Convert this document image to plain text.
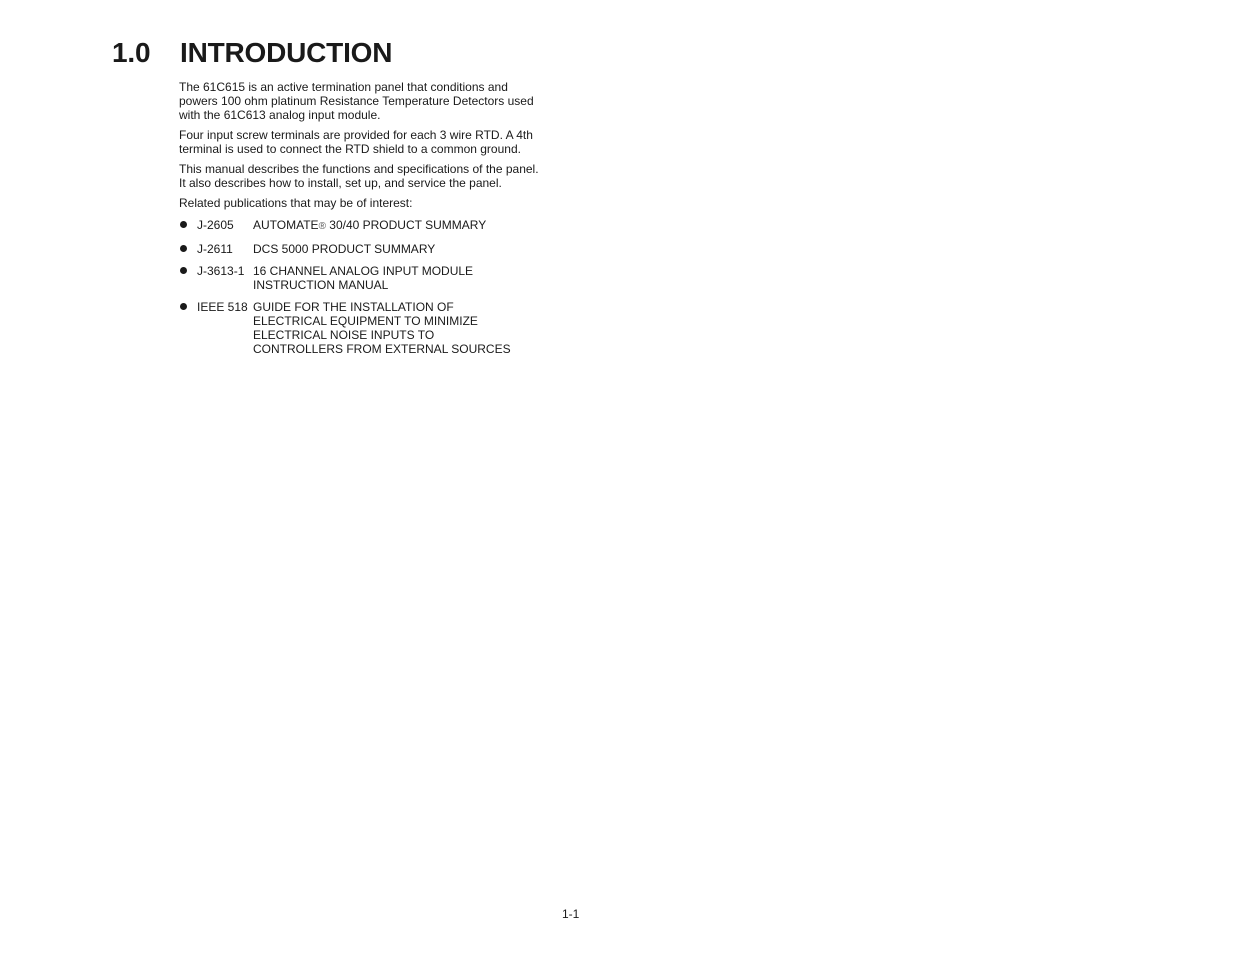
1.0 INTRODUCTION

The 61C615 is an active termination panel that conditions and
powers 100 ohm platinum Resistance Temperature Detectors used
with the 61C613 analog input module.

Four input screw terminals are provided for each 3 wire RTD. A 4th
terminal is used to connect the RTD shield to a common ground.

This manual describes the functions and specifications of the panel.
It also describes how to install, set up, and service the panel.

Related publications that may be of interest:

J-2605	AUTOMATE® 30/40 PRODUCT SUMMARY
J-2611	DCS 5000 PRODUCT SUMMARY
J-3613-1 16 CHANNEL ANALOG INPUT MODULE
INSTRUCTION MANUAL
IEEE 518 GUIDE FOR THE INSTALLATION OF
ELECTRICAL EQUIPMENT TO MINIMIZE
ELECTRICAL NOISE INPUTS TO
CONTROLLERS FROM EXTERNAL SOURCES
1-1
